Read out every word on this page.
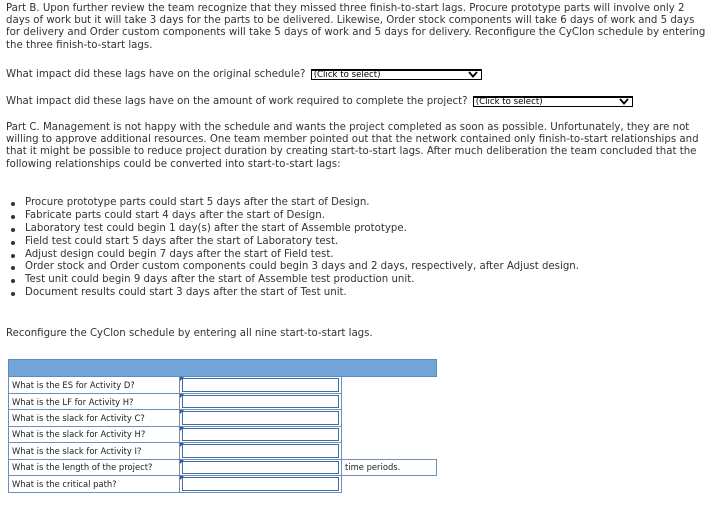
Part B. Upon further review the team recognize that they missed three finish-to-start lags. Procure prototype parts will involve only 2 days of work but it will take 3 days for the parts to be delivered. Likewise, Order stock components will take 6 days of work and 5 days for delivery and Order custom components will take 5 days of work and 5 days for delivery. Reconfigure the CyClon schedule by entering the three finish-to-start lags.

What impact did these lags have on the original schedule? (Click to select)
What impact did these lags have on the amount of work required to complete the project? (Click to select)

Part C. Management is not happy with the schedule and wants the project completed as soon as possible. Unfortunately, they are not willing to approve additional resources. One team member pointed out that the network contained only finish-to-start relationships and that it might be possible to reduce project duration by creating start-to-start lags. After much deliberation the team concluded that the following relationships could be converted into start-to-start lags:

Procure prototype parts could start 5 days after the start of Design.
Fabricate parts could start 4 days after the start of Design.
Laboratory test could begin 1 day(s) after the start of Assemble prototype.
Field test could start 5 days after the start of Laboratory test.
Adjust design could begin 7 days after the start of Field test.
Order stock and Order custom components could begin 3 days and 2 days, respectively, after Adjust design.
Test unit could begin 9 days after the start of Assemble test production unit.
Document results could start 3 days after the start of Test unit.
Reconfigure the CyClon schedule by entering all nine start-to-start lags.

What is the ES for Activity D?	

What is the LF for Activity H?	

What is the slack for Activity C?	

What is the slack for Activity H?	

What is the slack for Activity I?	

What is the length of the project?		time periods.
What is the critical path?	
